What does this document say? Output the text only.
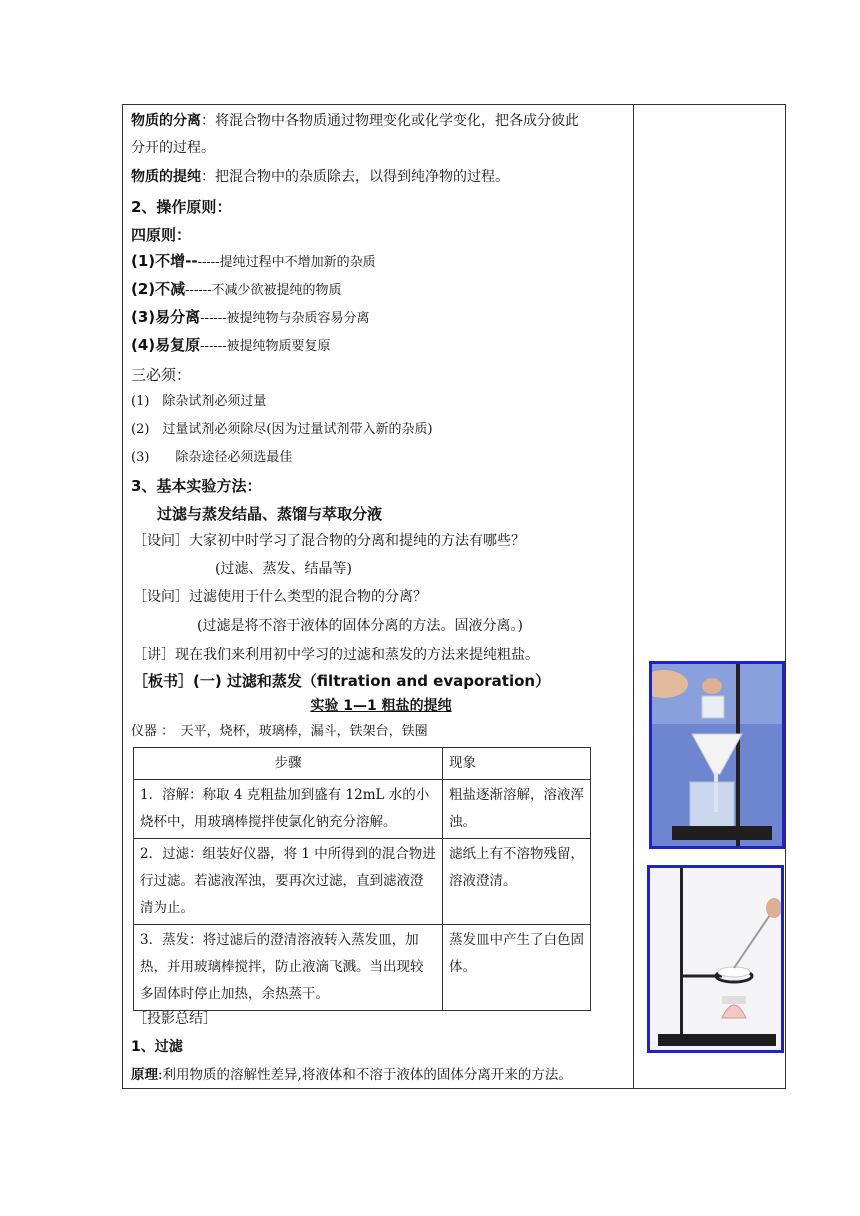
物质的分离：将混合物中各物质通过物理变化或化学变化，把各成分彼此
分开的过程。
物质的提纯：把混合物中的杂质除去，以得到纯净物的过程。
2、操作原则：
四原则：
(1)不增-------提纯过程中不增加新的杂质
(2)不减------不减少欲被提纯的物质
(3)易分离------被提纯物与杂质容易分离
(4)易复原------被提纯物质要复原
三必须：
(1)　除杂试剂必须过量
(2)　过量试剂必须除尽(因为过量试剂带入新的杂质)
(3)　　除杂途径必须选最佳
3、基本实验方法：
过滤与蒸发结晶、蒸馏与萃取分液
［设问］大家初中时学习了混合物的分离和提纯的方法有哪些？
(过滤、蒸发、结晶等)
［设问］过滤使用于什么类型的混合物的分离？
(过滤是将不溶于液体的固体分离的方法。固液分离。)
［讲］现在我们来利用初中学习的过滤和蒸发的方法来提纯粗盐。
［板书］(一) 过滤和蒸发（filtration and evaporation）
实验 1—1 粗盐的提纯
仪器 ：　天平，烧杯，玻璃棒，漏斗，铁架台，铁圈
步骤	现象
1．溶解：称取 4 克粗盐加到盛有 12mL 水的小烧杯中，用玻璃棒搅拌使氯化钠充分溶解。	粗盐逐渐溶解，溶液浑浊。
2．过滤：组装好仪器，将 1 中所得到的混合物进行过滤。若滤液浑浊，要再次过滤，直到滤液澄清为止。	滤纸上有不溶物残留，溶液澄清。
3．蒸发：将过滤后的澄清溶液转入蒸发皿，加热，并用玻璃棒搅拌，防止液滴飞溅。当出现较多固体时停止加热，余热蒸干。	蒸发皿中产生了白色固体。
［投影总结］
1、过滤
原理:利用物质的溶解性差异,将液体和不溶于液体的固体分离开来的方法。
